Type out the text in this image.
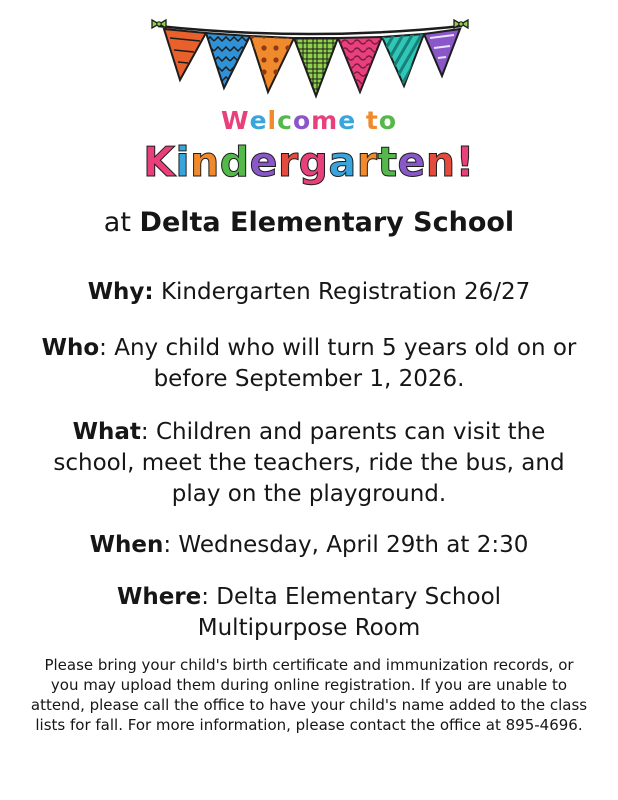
Welcome to
Kindergarten!
at Delta Elementary School
Why: Kindergarten Registration 26/27
Who: Any child who will turn 5 years old on or before September 1, 2026.
What: Children and parents can visit the school, meet the teachers, ride the bus, and play on the playground.
When: Wednesday, April 29th at 2:30
Where: Delta Elementary School Multipurpose Room
Please bring your child's birth certificate and immunization records, or you may upload them during online registration. If you are unable to attend, please call the office to have your child's name added to the class lists for fall. For more information, please contact the office at 895-4696.
